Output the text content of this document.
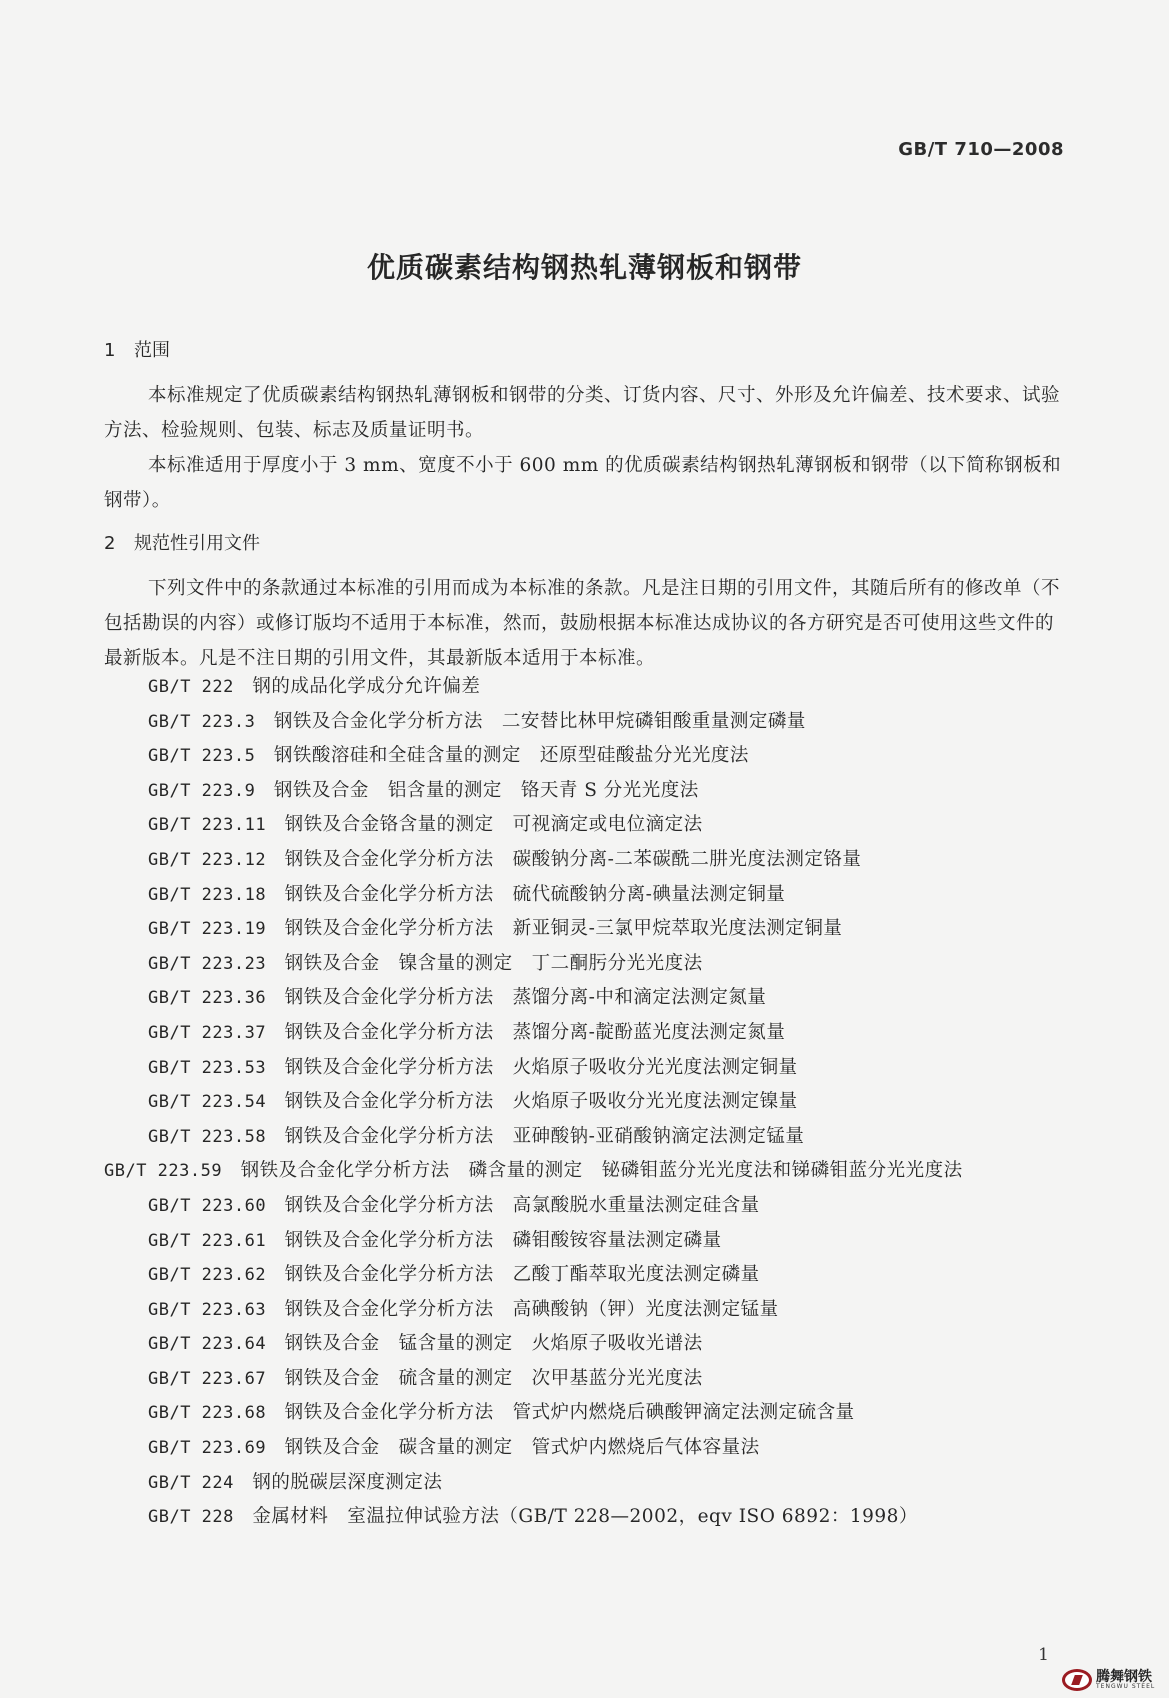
GB/T 710—2008
优质碳素结构钢热轧薄钢板和钢带
1 范围
本标准规定了优质碳素结构钢热轧薄钢板和钢带的分类、订货内容、尺寸、外形及允许偏差、技术要求、试验方法、检验规则、包装、标志及质量证明书。
本标准适用于厚度小于 3 mm、宽度不小于 600 mm 的优质碳素结构钢热轧薄钢板和钢带（以下简称钢板和钢带）。
2 规范性引用文件
下列文件中的条款通过本标准的引用而成为本标准的条款。凡是注日期的引用文件，其随后所有的修改单（不包括勘误的内容）或修订版均不适用于本标准，然而，鼓励根据本标准达成协议的各方研究是否可使用这些文件的最新版本。凡是不注日期的引用文件，其最新版本适用于本标准。
GB/T 222  钢的成品化学成分允许偏差
GB/T 223.3  钢铁及合金化学分析方法　二安替比林甲烷磷钼酸重量测定磷量
GB/T 223.5  钢铁酸溶硅和全硅含量的测定　还原型硅酸盐分光光度法
GB/T 223.9  钢铁及合金　铝含量的测定　铬天青 S 分光光度法
GB/T 223.11  钢铁及合金铬含量的测定　可视滴定或电位滴定法
GB/T 223.12  钢铁及合金化学分析方法　碳酸钠分离-二苯碳酰二肼光度法测定铬量
GB/T 223.18  钢铁及合金化学分析方法　硫代硫酸钠分离-碘量法测定铜量
GB/T 223.19  钢铁及合金化学分析方法　新亚铜灵-三氯甲烷萃取光度法测定铜量
GB/T 223.23  钢铁及合金　镍含量的测定　丁二酮肟分光光度法
GB/T 223.36  钢铁及合金化学分析方法　蒸馏分离-中和滴定法测定氮量
GB/T 223.37  钢铁及合金化学分析方法　蒸馏分离-靛酚蓝光度法测定氮量
GB/T 223.53  钢铁及合金化学分析方法　火焰原子吸收分光光度法测定铜量
GB/T 223.54  钢铁及合金化学分析方法　火焰原子吸收分光光度法测定镍量
GB/T 223.58  钢铁及合金化学分析方法　亚砷酸钠-亚硝酸钠滴定法测定锰量
GB/T 223.59  钢铁及合金化学分析方法　磷含量的测定　铋磷钼蓝分光光度法和锑磷钼蓝分光光度法
GB/T 223.60  钢铁及合金化学分析方法　高氯酸脱水重量法测定硅含量
GB/T 223.61  钢铁及合金化学分析方法　磷钼酸铵容量法测定磷量
GB/T 223.62  钢铁及合金化学分析方法　乙酸丁酯萃取光度法测定磷量
GB/T 223.63  钢铁及合金化学分析方法　高碘酸钠（钾）光度法测定锰量
GB/T 223.64  钢铁及合金　锰含量的测定　火焰原子吸收光谱法
GB/T 223.67  钢铁及合金　硫含量的测定　次甲基蓝分光光度法
GB/T 223.68  钢铁及合金化学分析方法　管式炉内燃烧后碘酸钾滴定法测定硫含量
GB/T 223.69  钢铁及合金　碳含量的测定　管式炉内燃烧后气体容量法
GB/T 224  钢的脱碳层深度测定法
GB/T 228  金属材料　室温拉伸试验方法（GB/T 228—2002，eqv ISO 6892：1998）
1
腾舞钢铁
TENGWU STEEL
